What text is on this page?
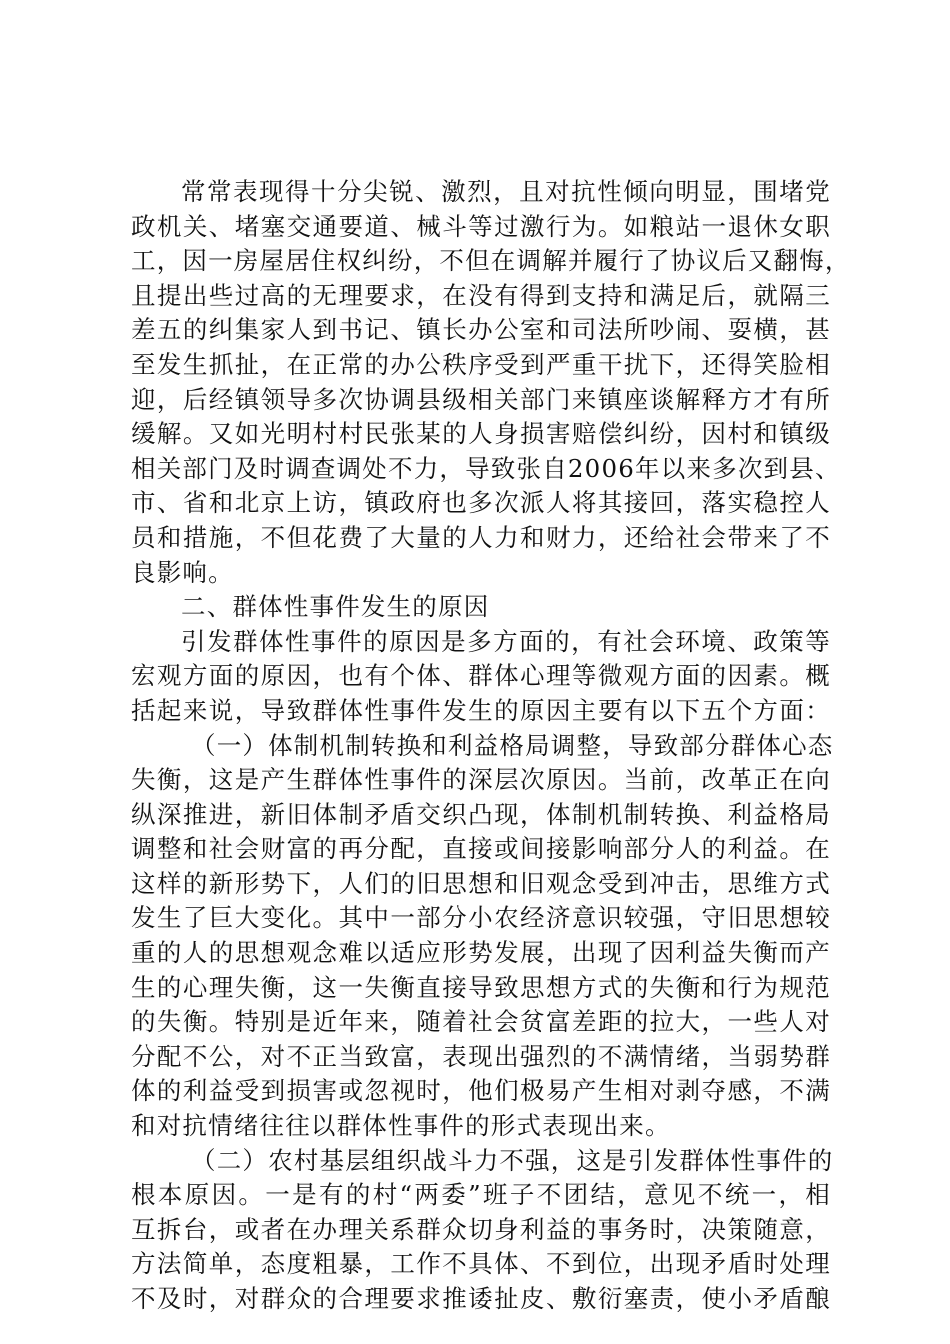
常常表现得十分尖锐、激烈，且对抗性倾向明显，围堵党
政机关、堵塞交通要道、械斗等过激行为。如粮站一退休女职
工，因一房屋居住权纠纷，不但在调解并履行了协议后又翻悔，
且提出些过高的无理要求，在没有得到支持和满足后，就隔三
差五的纠集家人到书记、镇长办公室和司法所吵闹、耍横，甚
至发生抓扯，在正常的办公秩序受到严重干扰下，还得笑脸相
迎，后经镇领导多次协调县级相关部门来镇座谈解释方才有所
缓解。又如光明村村民张某的人身损害赔偿纠纷，因村和镇级
相关部门及时调查调处不力，导致张自2006年以来多次到县、
市、省和北京上访，镇政府也多次派人将其接回，落实稳控人
员和措施，不但花费了大量的人力和财力，还给社会带来了不
良影响。
二、群体性事件发生的原因
引发群体性事件的原因是多方面的，有社会环境、政策等
宏观方面的原因，也有个体、群体心理等微观方面的因素。概
括起来说，导致群体性事件发生的原因主要有以下五个方面：
（一）体制机制转换和利益格局调整，导致部分群体心态
失衡，这是产生群体性事件的深层次原因。当前，改革正在向
纵深推进，新旧体制矛盾交织凸现，体制机制转换、利益格局
调整和社会财富的再分配，直接或间接影响部分人的利益。在
这样的新形势下，人们的旧思想和旧观念受到冲击，思维方式
发生了巨大变化。其中一部分小农经济意识较强，守旧思想较
重的人的思想观念难以适应形势发展，出现了因利益失衡而产
生的心理失衡，这一失衡直接导致思想方式的失衡和行为规范
的失衡。特别是近年来，随着社会贫富差距的拉大，一些人对
分配不公，对不正当致富，表现出强烈的不满情绪，当弱势群
体的利益受到损害或忽视时，他们极易产生相对剥夺感，不满
和对抗情绪往往以群体性事件的形式表现出来。
（二）农村基层组织战斗力不强，这是引发群体性事件的
根本原因。一是有的村“两委”班子不团结，意见不统一，相
互拆台，或者在办理关系群众切身利益的事务时，决策随意，
方法简单，态度粗暴，工作不具体、不到位，出现矛盾时处理
不及时，对群众的合理要求推诿扯皮、敷衍塞责，使小矛盾酿
